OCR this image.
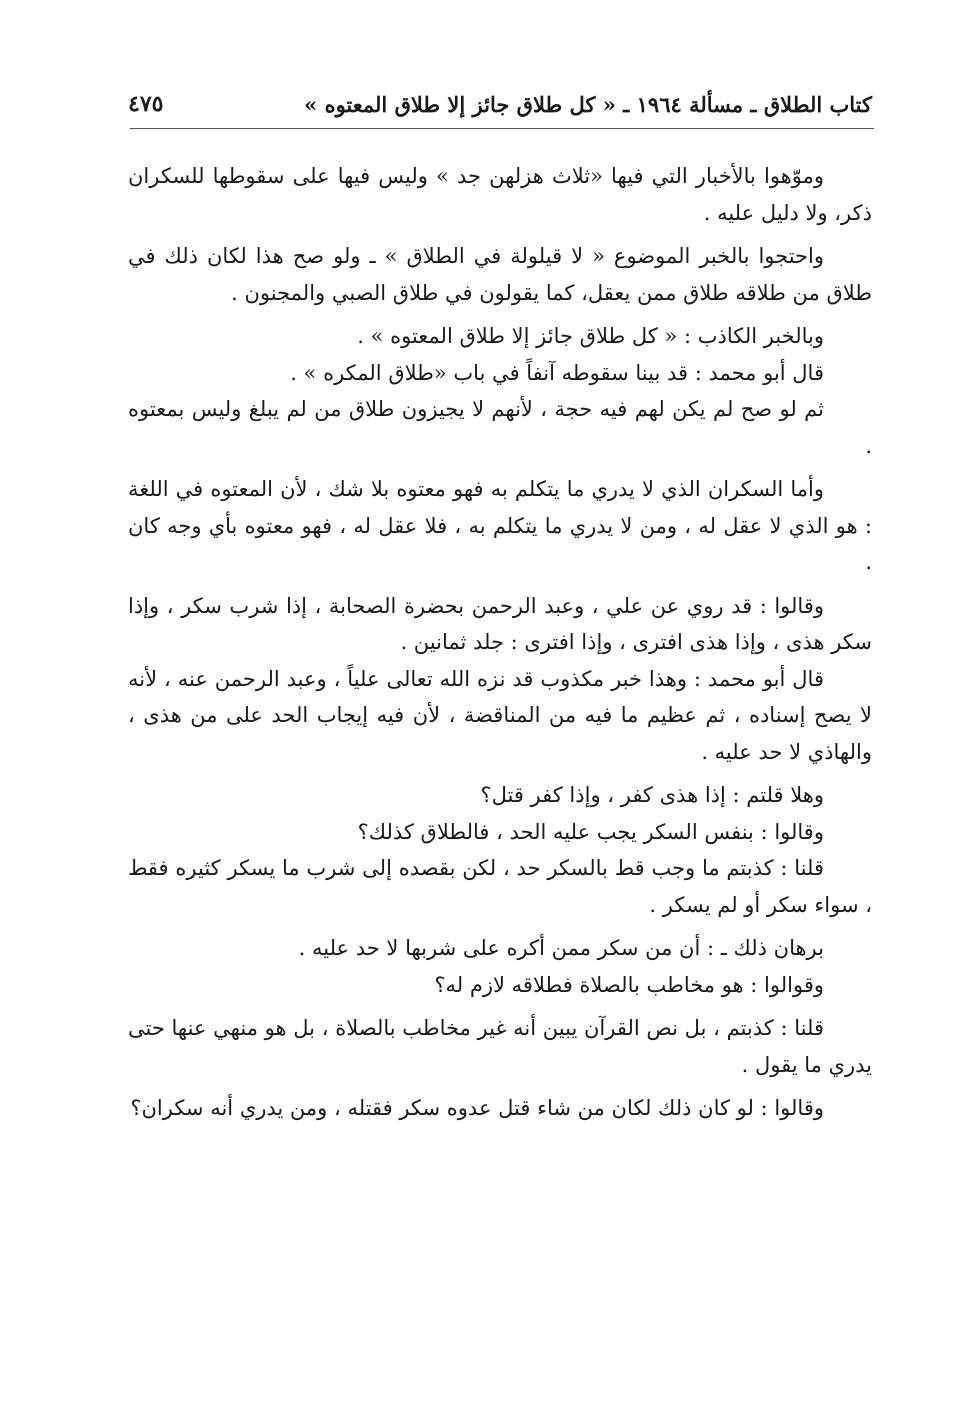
كتاب الطلاق ـ مسألة ١٩٦٤ ـ « كل طلاق جائز إلا طلاق المعتوه »
٤٧٥

وموّهوا بالأخبار التي فيها «ثلاث هزلهن جد » وليس فيها على سقوطها للسكران ذكر، ولا دليل عليه .

واحتجوا بالخبر الموضوع « لا قيلولة في الطلاق » ـ ولو صح هذا لكان ذلك في طلاق من طلاقه طلاق ممن يعقل، كما يقولون في طلاق الصبي والمجنون .

وبالخبر الكاذب : « كل طلاق جائز إلا طلاق المعتوه » .

قال أبو محمد : قد بينا سقوطه آنفاً في باب «طلاق المكره » .

ثم لو صح لم يكن لهم فيه حجة ، لأنهم لا يجيزون طلاق من لم يبلغ وليس بمعتوه .

وأما السكران الذي لا يدري ما يتكلم به فهو معتوه بلا شك ، لأن المعتوه في اللغة : هو الذي لا عقل له ، ومن لا يدري ما يتكلم به ، فلا عقل له ، فهو معتوه بأي وجه كان .

وقالوا : قد روي عن علي ، وعبد الرحمن بحضرة الصحابة ، إذا شرب سكر ، وإذا سكر هذى ، وإذا هذى افترى ، وإذا افترى : جلد ثمانين .

قال أبو محمد : وهذا خبر مكذوب قد نزه الله تعالى علياً ، وعبد الرحمن عنه ، لأنه لا يصح إسناده ، ثم عظيم ما فيه من المناقضة ، لأن فيه إيجاب الحد على من هذى ، والهاذي لا حد عليه .

وهلا قلتم : إذا هذى كفر ، وإذا كفر قتل؟

وقالوا : بنفس السكر يجب عليه الحد ، فالطلاق كذلك؟

قلنا : كذبتم ما وجب قط بالسكر حد ، لكن بقصده إلى شرب ما يسكر كثيره فقط ، سواء سكر أو لم يسكر .

برهان ذلك ـ : أن من سكر ممن أكره على شربها لا حد عليه .

وقوالوا : هو مخاطب بالصلاة فطلاقه لازم له؟

قلنا : كذبتم ، بل نص القرآن يبين أنه غير مخاطب بالصلاة ، بل هو منهي عنها حتى يدري ما يقول .

وقالوا : لو كان ذلك لكان من شاء قتل عدوه سكر فقتله ، ومن يدري أنه سكران؟
